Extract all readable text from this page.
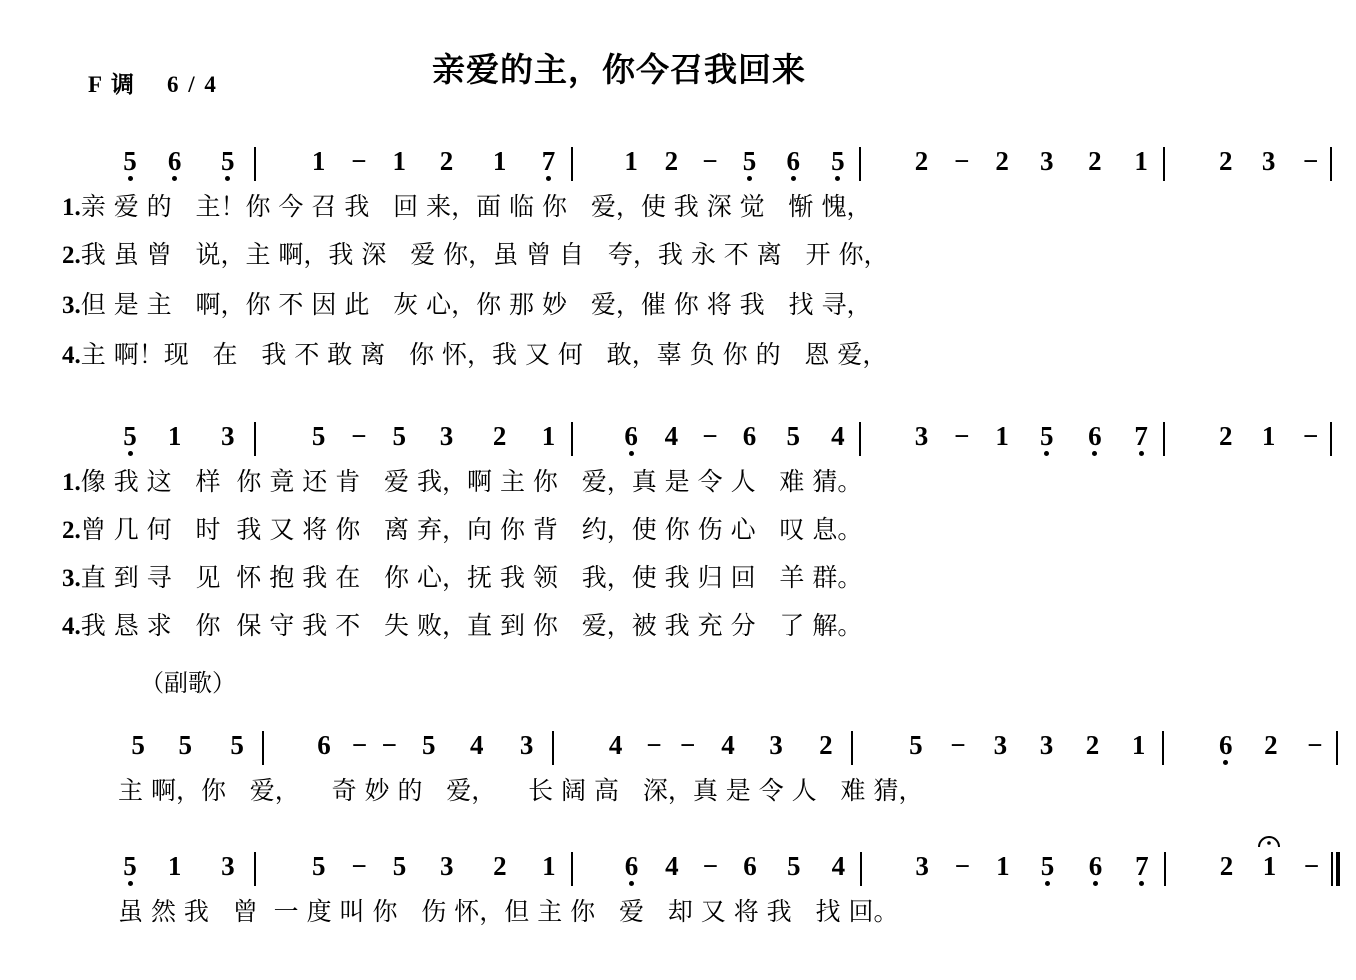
F 调 6 / 4	亲爱的主，你今召我回来
5	6	5	1 − 1	2	1	7	1 2 − 5	6	5	2 − 2	3	2	1	2	3	−
1.亲 爱 的   主！你 今 召 我   回 来，面 临 你   爱，使 我 深 觉   惭 愧，
2.我 虽 曾   说，主 啊，我 深   爱 你，虽 曾 自   夸，我 永 不 离   开 你，
3.但 是 主   啊，你 不 因 此   灰 心，你 那 妙   爱，催 你 将 我   找 寻，
4.主 啊！现   在   我 不 敢 离   你 怀，我 又 何   敢，辜 负 你 的   恩 爱，
5	1	3	5 − 5	3	2	1	6 4 − 6	5	4	3 − 1	5	6	7	2	1	−
1.像 我 这   样  你 竟 还 肯   爱 我，啊 主 你   爱，真 是 令 人   难 猜。
2.曾 几 何   时  我 又 将 你   离 弃，向 你 背   约，使 你 伤 心   叹 息。
3.直 到 寻   见  怀 抱 我 在   你 心，抚 我 领   我，使 我 归 回   羊 群。
4.我 恳 求   你  保 守 我 不   失 败，直 到 你   爱，被 我 充 分   了 解。
（副歌）
5	5	5	6 − − 5	4	3	4 − − 4	3	2	5	−	3	3	2	1	6	2	−
主 啊，你   爱，    奇 妙 的   爱，    长 阔 高   深，真 是 令 人   难 猜，
5	1	3	5 − 5	3	2	1	6 4 − 6	5	4	3 − 1	5	6	7	2	1	−
虽 然 我   曾  一 度 叫 你   伤 怀，但 主 你   爱   却 又 将 我   找 回。
